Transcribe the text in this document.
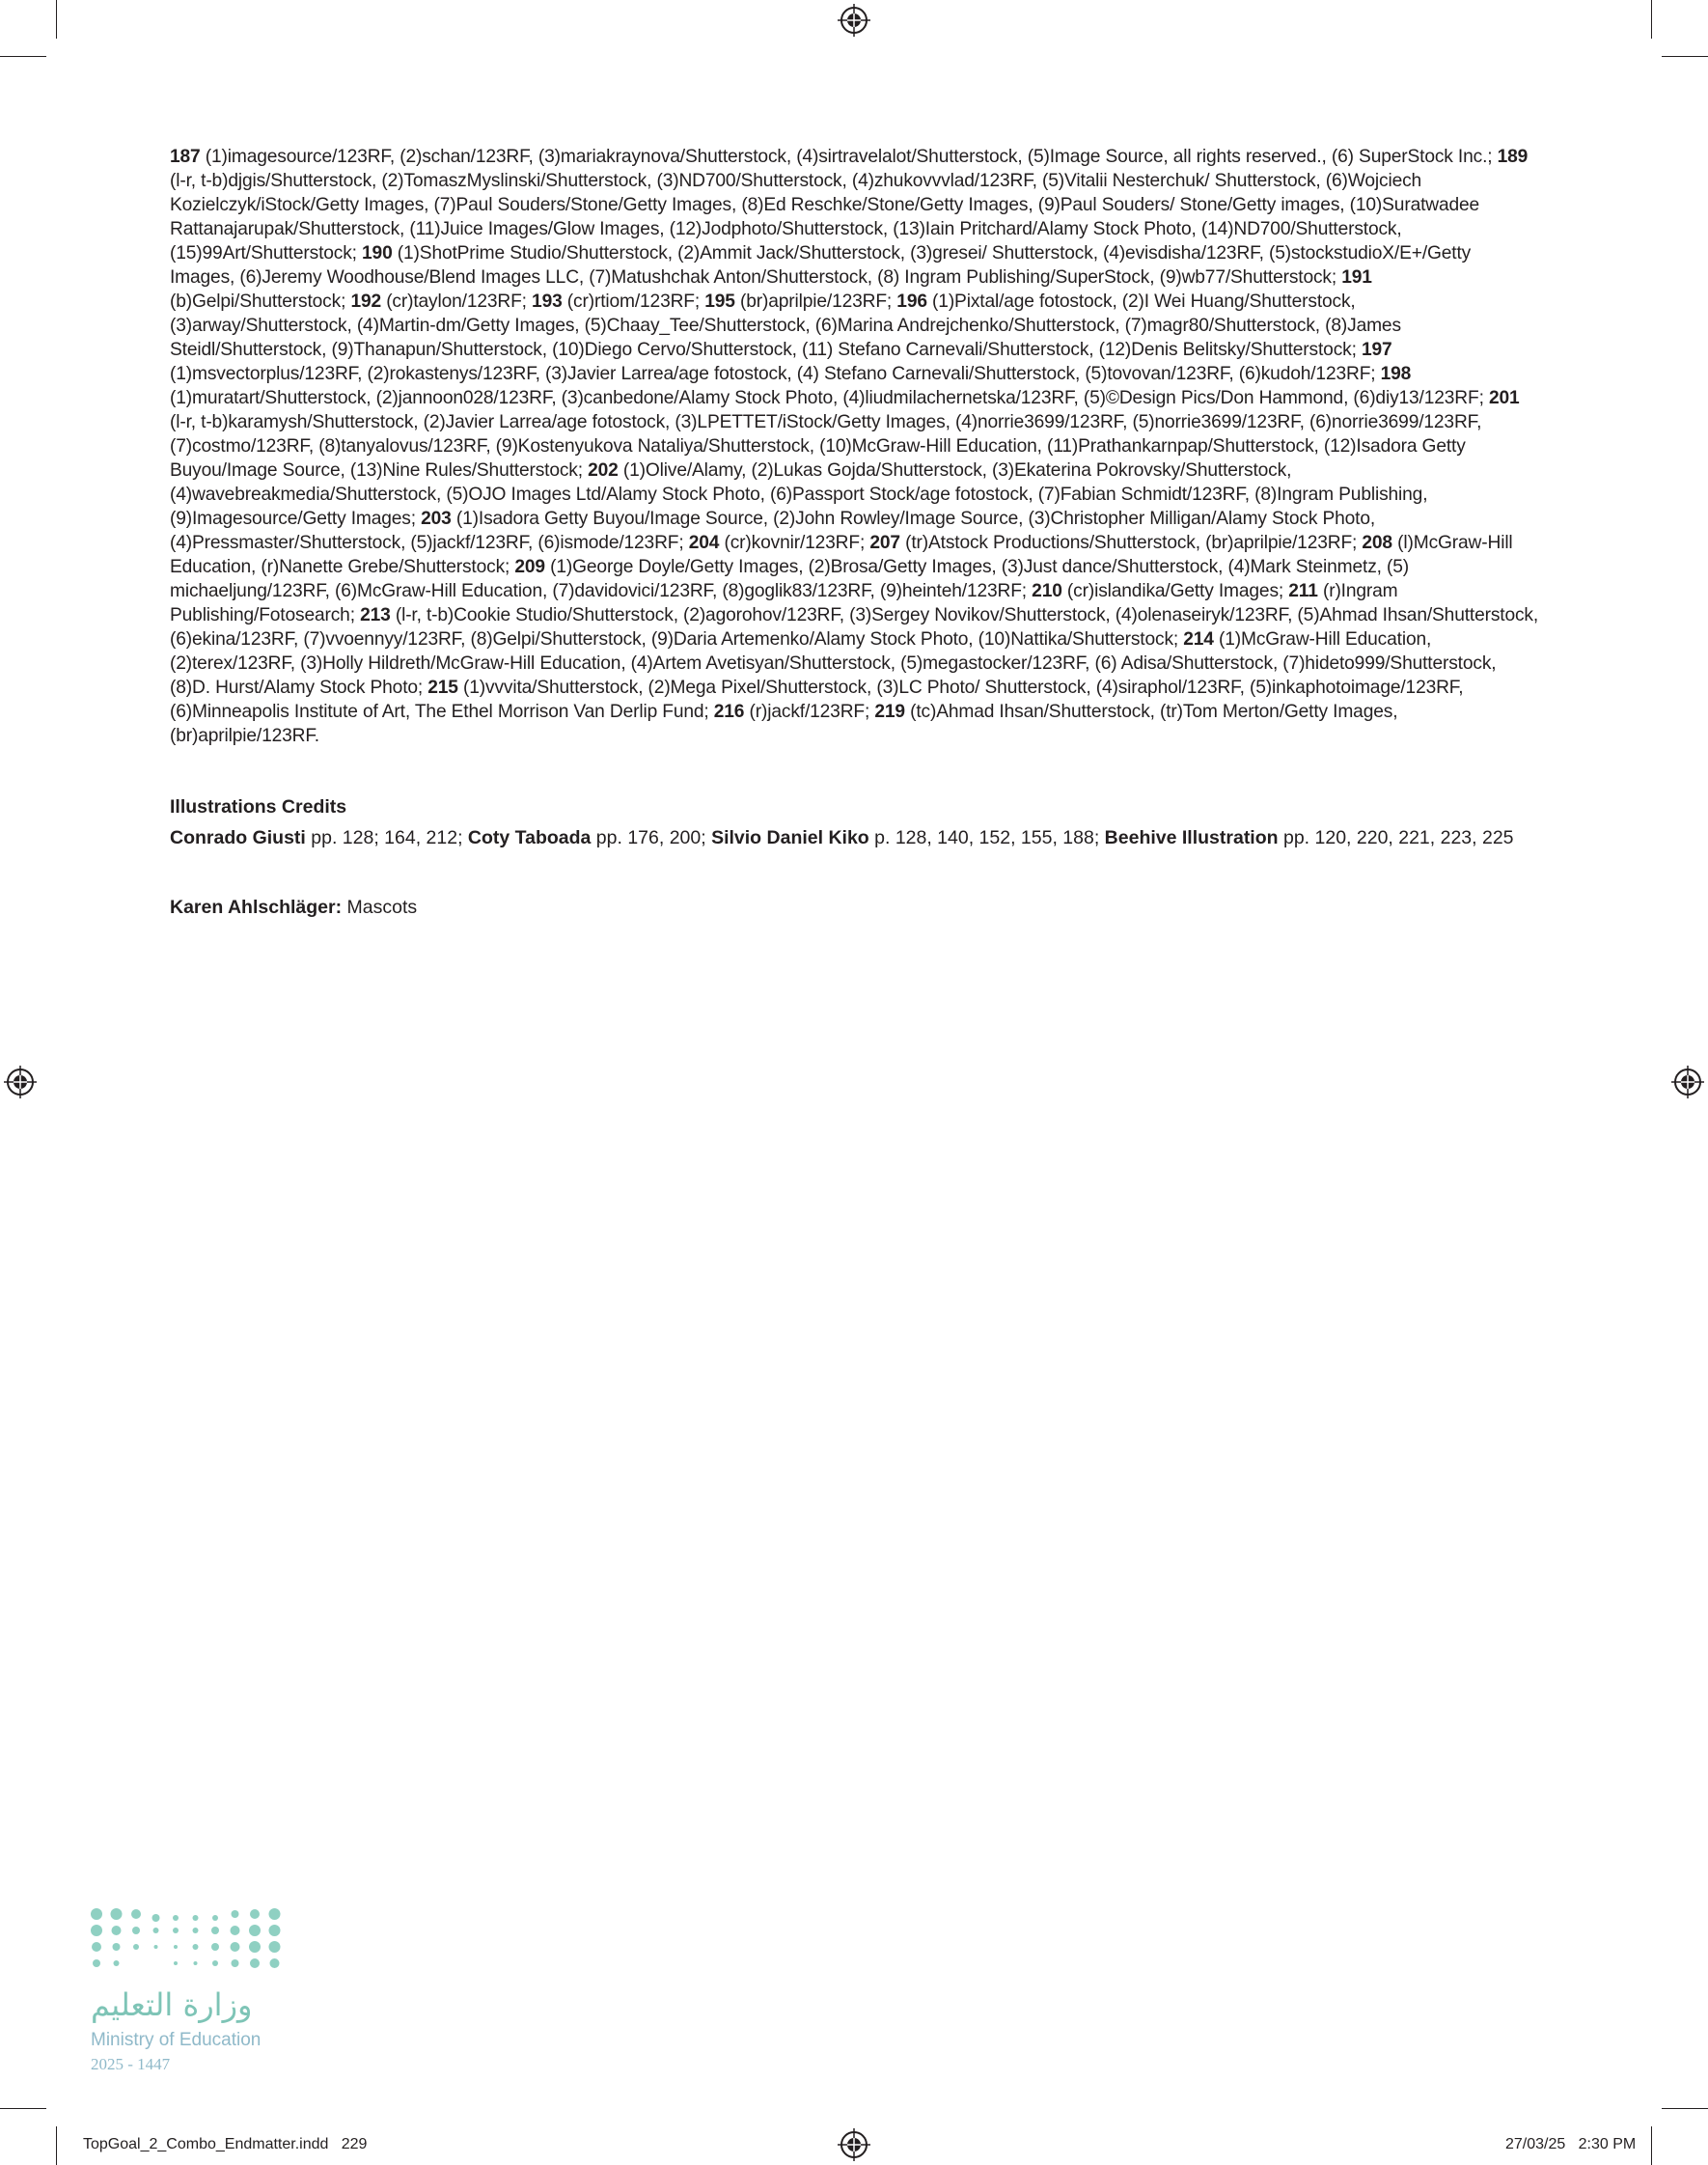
187 (1)imagesource/123RF, (2)schan/123RF, (3)mariakraynova/Shutterstock, (4)sirtravelalot/Shutterstock, (5)Image Source, all rights reserved., (6) SuperStock Inc.; 189 (l-r, t-b)djgis/Shutterstock, (2)TomaszMyslinski/Shutterstock, (3)ND700/Shutterstock, (4)zhukovvvlad/123RF, (5)Vitalii Nesterchuk/ Shutterstock, (6)Wojciech Kozielczyk/iStock/Getty Images, (7)Paul Souders/Stone/Getty Images, (8)Ed Reschke/Stone/Getty Images, (9)Paul Souders/ Stone/Getty images, (10)Suratwadee Rattanajarupak/Shutterstock, (11)Juice Images/Glow Images, (12)Jodphoto/Shutterstock, (13)Iain Pritchard/Alamy Stock Photo, (14)ND700/Shutterstock, (15)99Art/Shutterstock; 190 (1)ShotPrime Studio/Shutterstock, (2)Ammit Jack/Shutterstock, (3)gresei/ Shutterstock, (4)evisdisha/123RF, (5)stockstudioX/E+/Getty Images, (6)Jeremy Woodhouse/Blend Images LLC, (7)Matushchak Anton/Shutterstock, (8) Ingram Publishing/SuperStock, (9)wb77/Shutterstock; 191 (b)Gelpi/Shutterstock; 192 (cr)taylon/123RF; 193 (cr)rtiom/123RF; 195 (br)aprilpie/123RF; 196 (1)Pixtal/age fotostock, (2)I Wei Huang/Shutterstock, (3)arway/Shutterstock, (4)Martin-dm/Getty Images, (5)Chaay_Tee/Shutterstock, (6)Marina Andrejchenko/Shutterstock, (7)magr80/Shutterstock, (8)James Steidl/Shutterstock, (9)Thanapun/Shutterstock, (10)Diego Cervo/Shutterstock, (11) Stefano Carnevali/Shutterstock, (12)Denis Belitsky/Shutterstock; 197 (1)msvectorplus/123RF, (2)rokastenys/123RF, (3)Javier Larrea/age fotostock, (4) Stefano Carnevali/Shutterstock, (5)tovovan/123RF, (6)kudoh/123RF; 198 (1)muratart/Shutterstock, (2)jannoon028/123RF, (3)canbedone/Alamy Stock Photo, (4)liudmilachernetska/123RF, (5)©Design Pics/Don Hammond, (6)diy13/123RF; 201 (l-r, t-b)karamysh/Shutterstock, (2)Javier Larrea/age fotostock, (3)LPETTET/iStock/Getty Images, (4)norrie3699/123RF, (5)norrie3699/123RF, (6)norrie3699/123RF, (7)costmo/123RF, (8)tanyalovus/123RF, (9)Kostenyukova Nataliya/Shutterstock, (10)McGraw-Hill Education, (11)Prathankarnpap/Shutterstock, (12)Isadora Getty Buyou/Image Source, (13)Nine Rules/Shutterstock; 202 (1)Olive/Alamy, (2)Lukas Gojda/Shutterstock, (3)Ekaterina Pokrovsky/Shutterstock, (4)wavebreakmedia/Shutterstock, (5)OJO Images Ltd/Alamy Stock Photo, (6)Passport Stock/age fotostock, (7)Fabian Schmidt/123RF, (8)Ingram Publishing, (9)Imagesource/Getty Images; 203 (1)Isadora Getty Buyou/Image Source, (2)John Rowley/Image Source, (3)Christopher Milligan/Alamy Stock Photo, (4)Pressmaster/Shutterstock, (5)jackf/123RF, (6)ismode/123RF; 204 (cr)kovnir/123RF; 207 (tr)Atstock Productions/Shutterstock, (br)aprilpie/123RF; 208 (l)McGraw-Hill Education, (r)Nanette Grebe/Shutterstock; 209 (1)George Doyle/Getty Images, (2)Brosa/Getty Images, (3)Just dance/Shutterstock, (4)Mark Steinmetz, (5) michaeljung/123RF, (6)McGraw-Hill Education, (7)davidovici/123RF, (8)goglik83/123RF, (9)heinteh/123RF; 210 (cr)islandika/Getty Images; 211 (r)Ingram Publishing/Fotosearch; 213 (l-r, t-b)Cookie Studio/Shutterstock, (2)agorohov/123RF, (3)Sergey Novikov/Shutterstock, (4)olenaseiryk/123RF, (5)Ahmad Ihsan/Shutterstock, (6)ekina/123RF, (7)vvoennyy/123RF, (8)Gelpi/Shutterstock, (9)Daria Artemenko/Alamy Stock Photo, (10)Nattika/Shutterstock; 214 (1)McGraw-Hill Education, (2)terex/123RF, (3)Holly Hildreth/McGraw-Hill Education, (4)Artem Avetisyan/Shutterstock, (5)megastocker/123RF, (6) Adisa/Shutterstock, (7)hideto999/Shutterstock, (8)D. Hurst/Alamy Stock Photo; 215 (1)vvvita/Shutterstock, (2)Mega Pixel/Shutterstock, (3)LC Photo/ Shutterstock, (4)siraphol/123RF, (5)inkaphotoimage/123RF, (6)Minneapolis Institute of Art, The Ethel Morrison Van Derlip Fund; 216 (r)jackf/123RF; 219 (tc)Ahmad Ihsan/Shutterstock, (tr)Tom Merton/Getty Images, (br)aprilpie/123RF.

Illustrations Credits
Conrado Giusti pp. 128; 164, 212; Coty Taboada pp. 176, 200; Silvio Daniel Kiko p. 128, 140, 152, 155, 188; Beehive Illustration pp. 120, 220, 221, 223, 225
Karen Ahlschläger: Mascots
وزارة التعليم
Ministry of Education
2025 - 1447
TopGoal_2_Combo_Endmatter.indd   229	27/03/25   2:30 PM
